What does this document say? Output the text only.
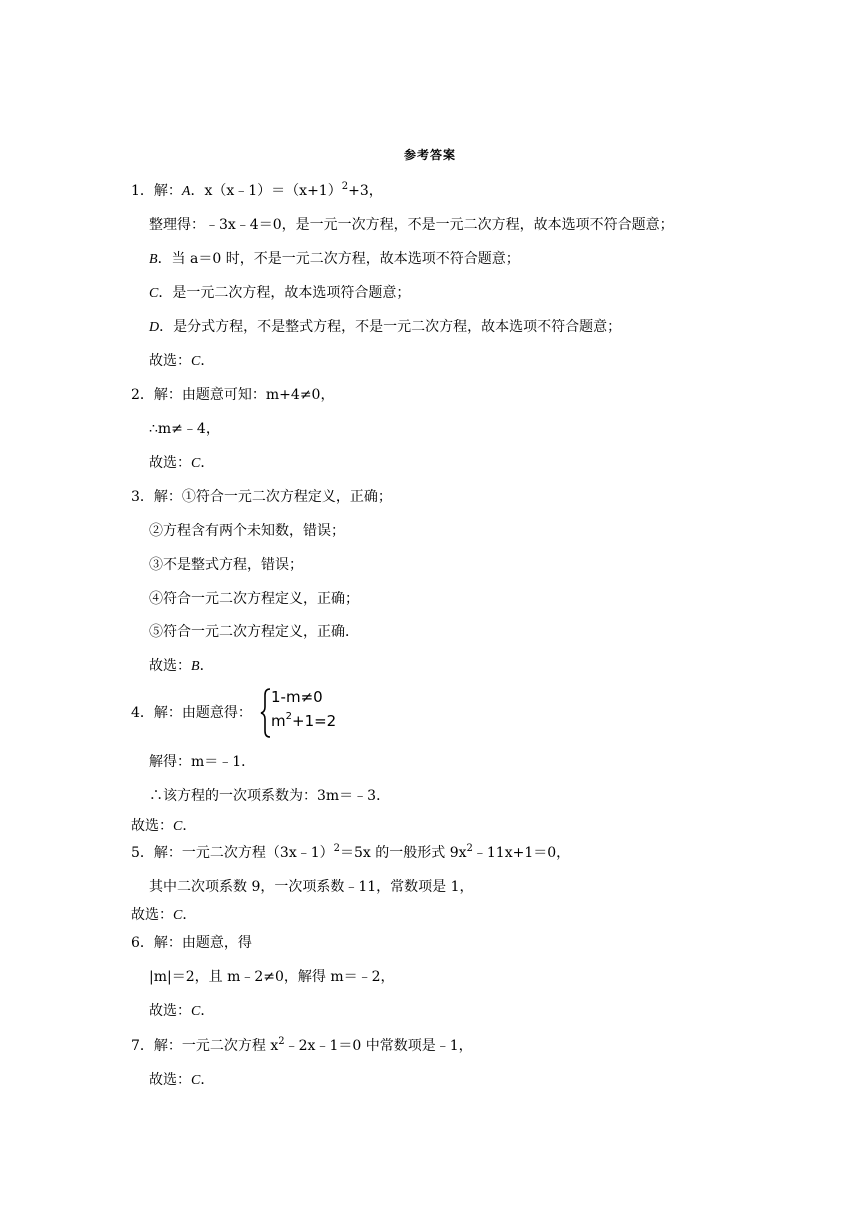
参考答案
1．解：A．$x(x﹣1)=(x+1)^2+3$，
整理得：﹣3x﹣4＝0，是一元一次方程，不是一元二次方程，故本选项不符合题意；
B．当 a＝0 时，不是一元二次方程，故本选项不符合题意；
C．是一元二次方程，故本选项符合题意；
D．是分式方程，不是整式方程，不是一元二次方程，故本选项不符合题意；
故选：C．
2．解：由题意可知：m+4≠0，
∴m≠﹣4，
故选：C．
3．解：①符合一元二次方程定义，正确；
②方程含有两个未知数，错误；
③不是整式方程，错误；
④符合一元二次方程定义，正确；
⑤符合一元二次方程定义，正确．
故选：B．
4．解：由题意得：
1-m≠0
$m^2+1=2$
解得：m＝﹣1．
∴该方程的一次项系数为：3m＝﹣3．
故选：C．
5．解：一元二次方程（3x﹣1）$^2$＝5x 的一般形式 $9x^2﹣11x+1=0$，
其中二次项系数 9，一次项系数﹣11，常数项是 1，
故选：C．
6．解：由题意，得
|m|＝2，且 m﹣2≠0，解得 m＝﹣2，
故选：C．
7．解：一元二次方程 $x^2﹣2x﹣1=0$ 中常数项是﹣1，
故选：C．
